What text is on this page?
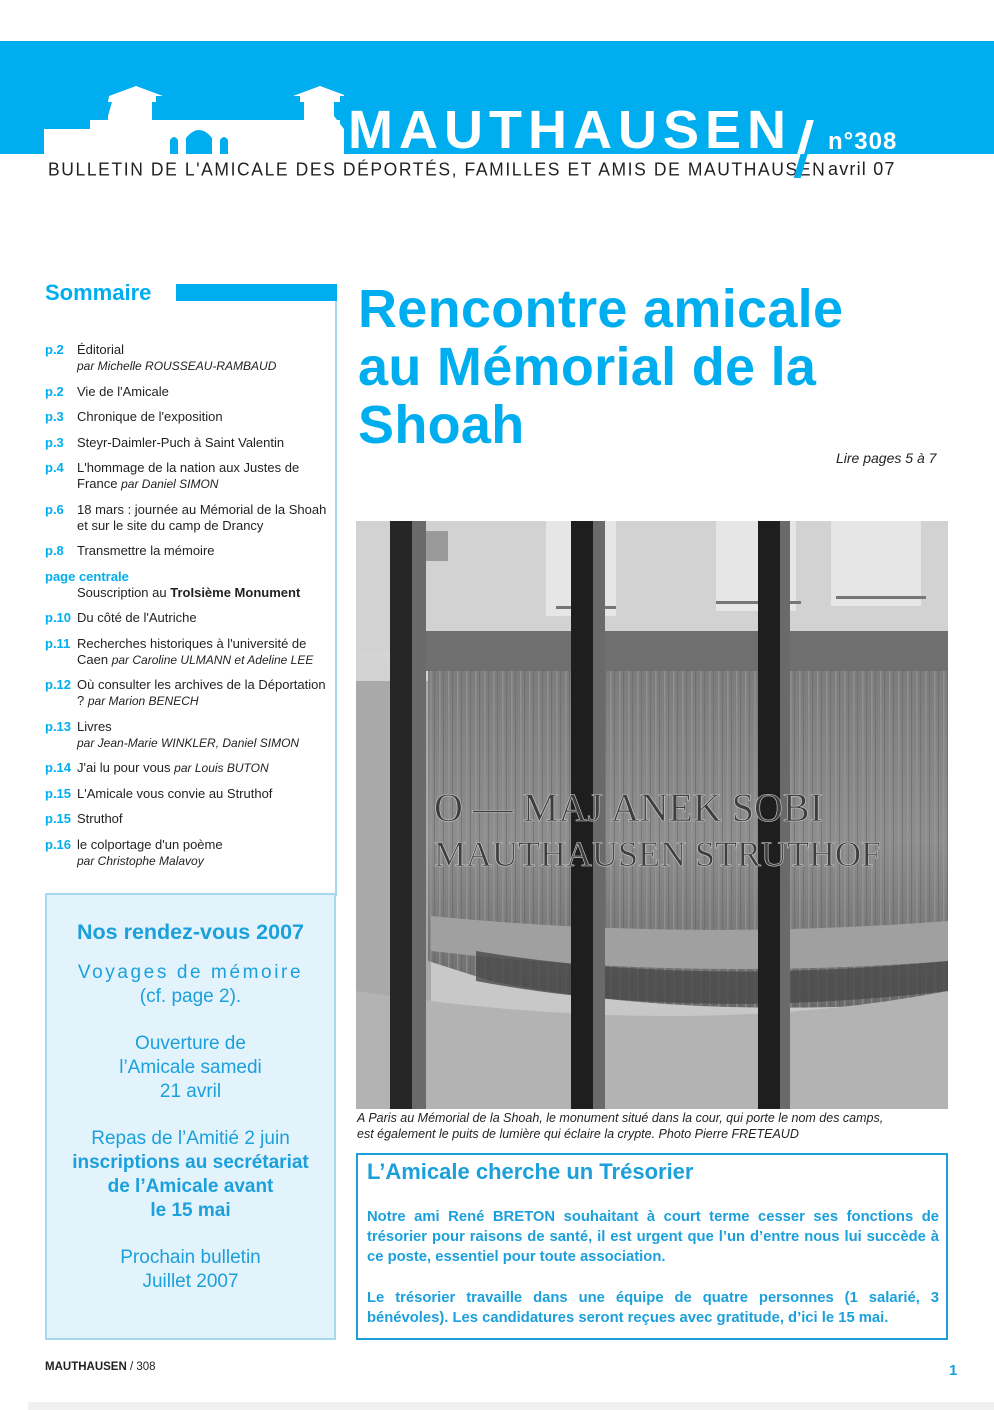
MAUTHAUSEN
BULLETIN DE L'AMICALE DES DÉPORTÉS, FAMILLES ET AMIS DE MAUTHAUSEN
n°308
avril 07
Sommaire
p.2 Éditorial
par Michelle ROUSSEAU-RAMBAUD
p.2 Vie de l'Amicale
p.3 Chronique de l'exposition
p.3 Steyr-Daimler-Puch à Saint Valentin
p.4 L'hommage de la nation aux Justes de France par Daniel SIMON
p.6 18 mars : journée au Mémorial de la Shoah et sur le site du camp de Drancy
p.8 Transmettre la mémoire
page centrale
Souscription au TroIsième Monument
p.10 Du côté de l'Autriche
p.11 Recherches historiques à l'université de Caen par Caroline ULMANN et Adeline LEE
p.12 Où consulter les archives de la Déportation ? par Marion BENECH
p.13 Livres
par Jean-Marie WINKLER, Daniel SIMON
p.14 J'ai lu pour vous par Louis BUTON
p.15 L'Amicale vous convie au Struthof
p.15 Struthof
p.16 le colportage d'un poème
par Christophe Malavoy
Nos rendez-vous 2007
Voyages de mémoire
(cf. page 2).
Ouverture de
l’Amicale samedi
21 avril
Repas de l’Amitié 2 juin
inscriptions au secrétariat
de l’Amicale avant
le 15 mai
Prochain bulletin
Juillet 2007
Rencontre amicale
au Mémorial de la
Shoah
Lire pages 5 à 7
O — MAJ ANEK SOBI
MAUTHAUSEN STRUTHOF
A Paris au Mémorial de la Shoah, le monument situé dans la cour, qui porte le nom des camps,
est également le puits de lumière qui éclaire la crypte. Photo Pierre FRETEAUD
L’Amicale cherche un Trésorier
Notre ami René BRETON souhaitant à court terme cesser ses fonctions de trésorier pour raisons de santé, il est urgent que l’un d’entre nous lui succède à ce poste, essentiel pour toute association.
Le trésorier travaille dans une équipe de quatre personnes (1 salarié, 3 bénévoles). Les candidatures seront reçues avec gratitude, d’ici le 15 mai.
MAUTHAUSEN / 308	1
